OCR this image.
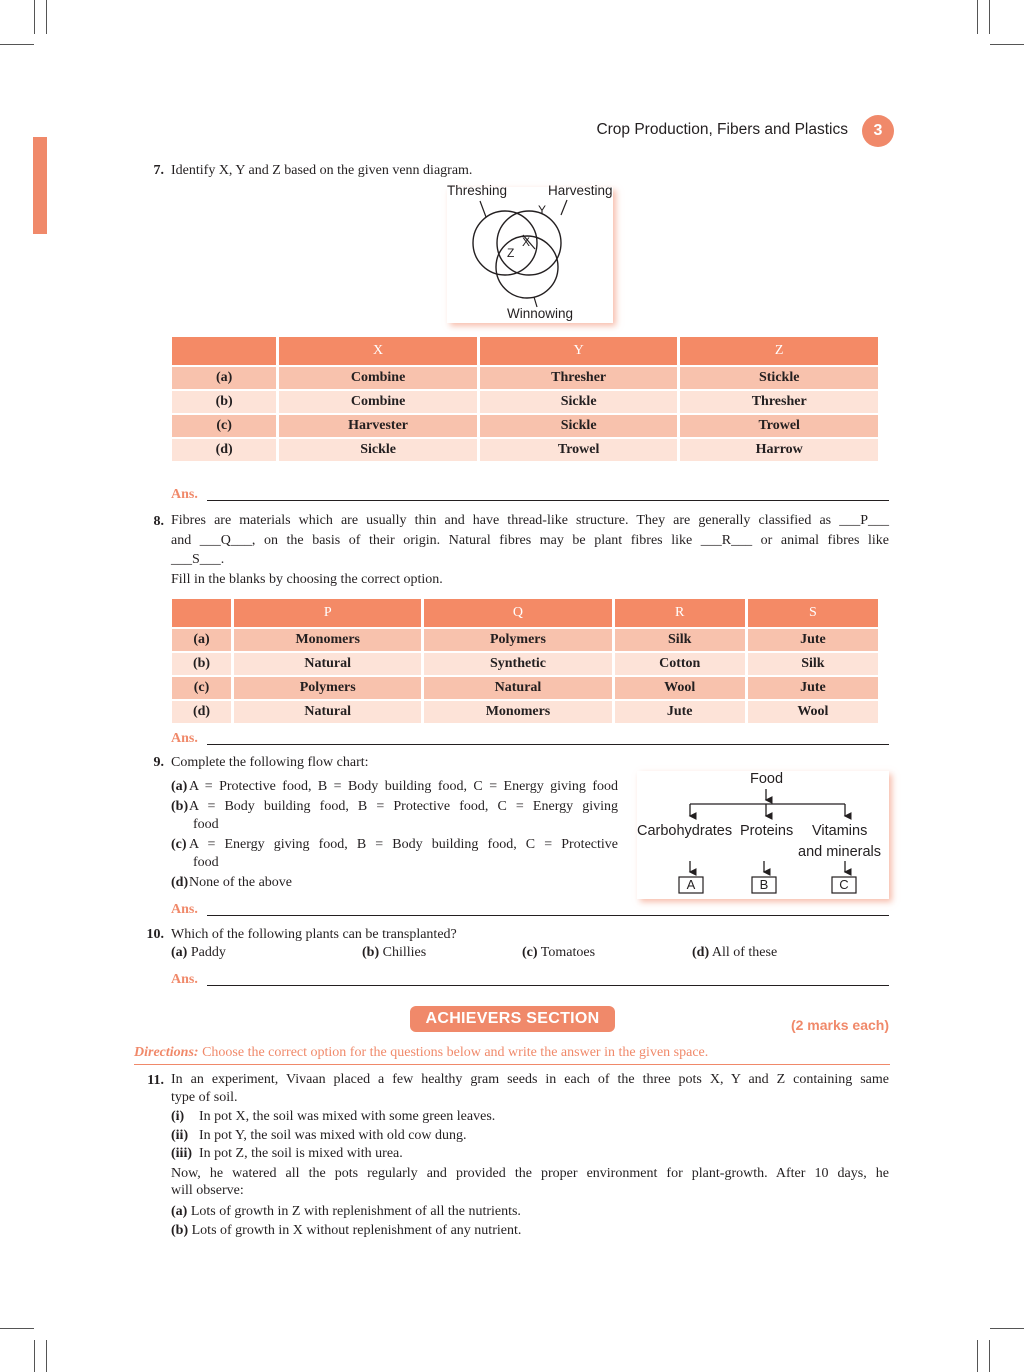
Crop Production, Fibers and Plastics	3
7. Identify X, Y and Z based on the given venn diagram.
Threshing	Harvesting
Winnowing
Y
X
Z
	X	Y	Z
(a)	Combine	Thresher	Stickle
(b)	Combine	Sickle	Thresher
(c)	Harvester	Sickle	Trowel
(d)	Sickle	Trowel	Harrow
Ans.
8. Fibres are materials which are usually thin and have thread-like structure. They are generally classified as ___P___
and ___Q___, on the basis of their origin. Natural fibres may be plant fibres like ___R___ or animal fibres like
___S___.
Fill in the blanks by choosing the correct option.
	P	Q	R	S
(a)	Monomers	Polymers	Silk	Jute
(b)	Natural	Synthetic	Cotton	Silk
(c)	Polymers	Natural	Wool	Jute
(d)	Natural	Monomers	Jute	Wool
Ans.
9. Complete the following flow chart:
(a) A = Protective food, B = Body building food, C = Energy giving food
(b) A = Body building food, B = Protective food, C = Energy giving
food
(c) A = Energy giving food, B = Body building food, C = Protective
food
(d) None of the above
Food
Carbohydrates Proteins Vitamins
and minerals
A	B	C
Ans.
10. Which of the following plants can be transplanted?
(a) Paddy	(b) Chillies	(c) Tomatoes	(d) All of these
Ans.
ACHIEVERS SECTION	(2 marks each)
Directions: Choose the correct option for the questions below and write the answer in the given space.
11. In an experiment, Vivaan placed a few healthy gram seeds in each of the three pots X, Y and Z containing same
type of soil.
(i)	In pot X, the soil was mixed with some green leaves.
(ii) In pot Y, the soil was mixed with old cow dung.
(iii) In pot Z, the soil is mixed with urea.
Now, he watered all the pots regularly and provided the proper environment for plant-growth. After 10 days, he
will observe:
(a) Lots of growth in Z with replenishment of all the nutrients.
(b) Lots of growth in X without replenishment of any nutrient.
